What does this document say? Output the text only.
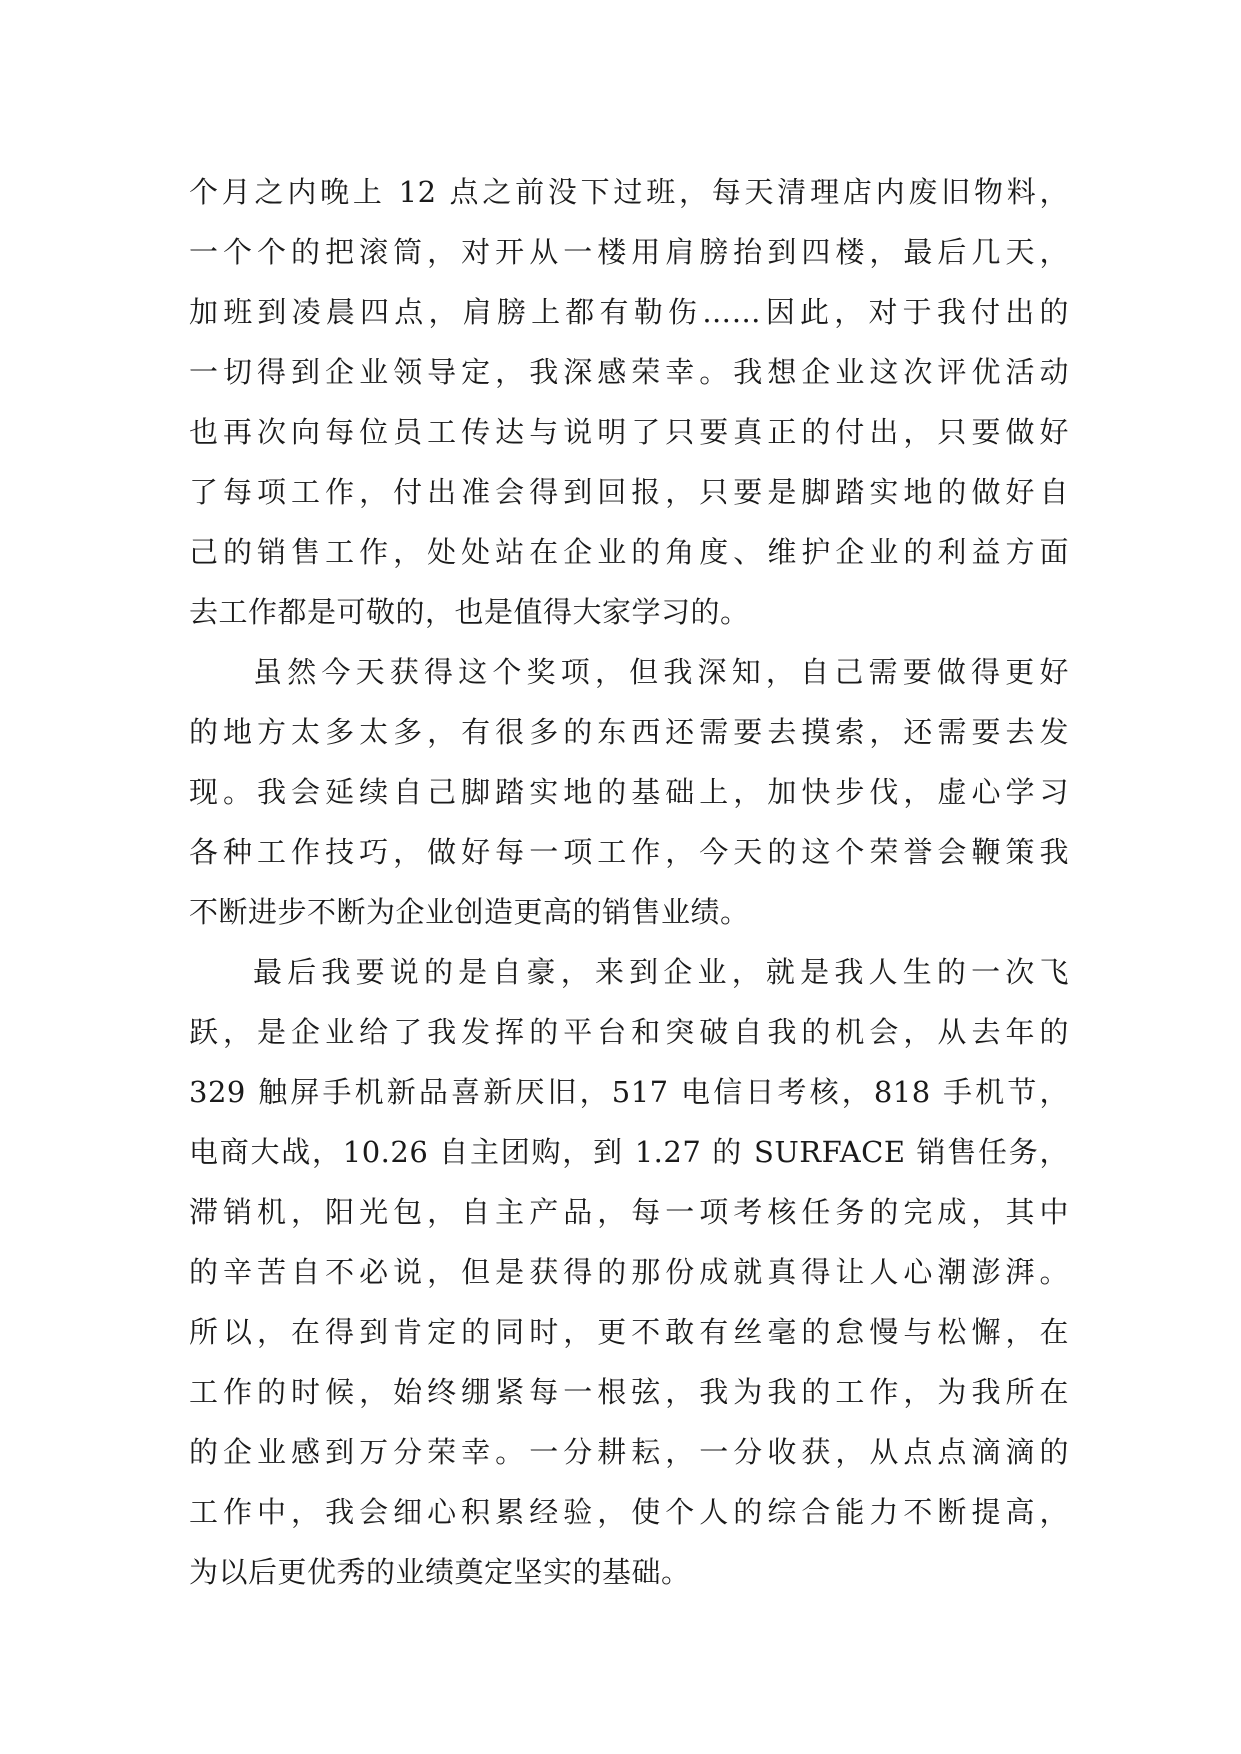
个月之内晚上 12 点之前没下过班，每天清理店内废旧物料，
一个个的把滚筒，对开从一楼用肩膀抬到四楼，最后几天，
加班到凌晨四点，肩膀上都有勒伤……因此，对于我付出的
一切得到企业领导定，我深感荣幸。我想企业这次评优活动
也再次向每位员工传达与说明了只要真正的付出，只要做好
了每项工作，付出准会得到回报，只要是脚踏实地的做好自
己的销售工作，处处站在企业的角度、维护企业的利益方面
去工作都是可敬的，也是值得大家学习的。
虽然今天获得这个奖项，但我深知，自己需要做得更好
的地方太多太多，有很多的东西还需要去摸索，还需要去发
现。我会延续自己脚踏实地的基础上，加快步伐，虚心学习
各种工作技巧，做好每一项工作，今天的这个荣誉会鞭策我
不断进步不断为企业创造更高的销售业绩。
最后我要说的是自豪，来到企业，就是我人生的一次飞
跃，是企业给了我发挥的平台和突破自我的机会，从去年的
329 触屏手机新品喜新厌旧，517 电信日考核，818 手机节，
电商大战，10.26 自主团购，到 1.27 的 SURFACE 销售任务，
滞销机，阳光包，自主产品，每一项考核任务的完成，其中
的辛苦自不必说，但是获得的那份成就真得让人心潮澎湃。
所以，在得到肯定的同时，更不敢有丝毫的怠慢与松懈，在
工作的时候，始终绷紧每一根弦，我为我的工作，为我所在
的企业感到万分荣幸。一分耕耘，一分收获，从点点滴滴的
工作中，我会细心积累经验，使个人的综合能力不断提高，
为以后更优秀的业绩奠定坚实的基础。
